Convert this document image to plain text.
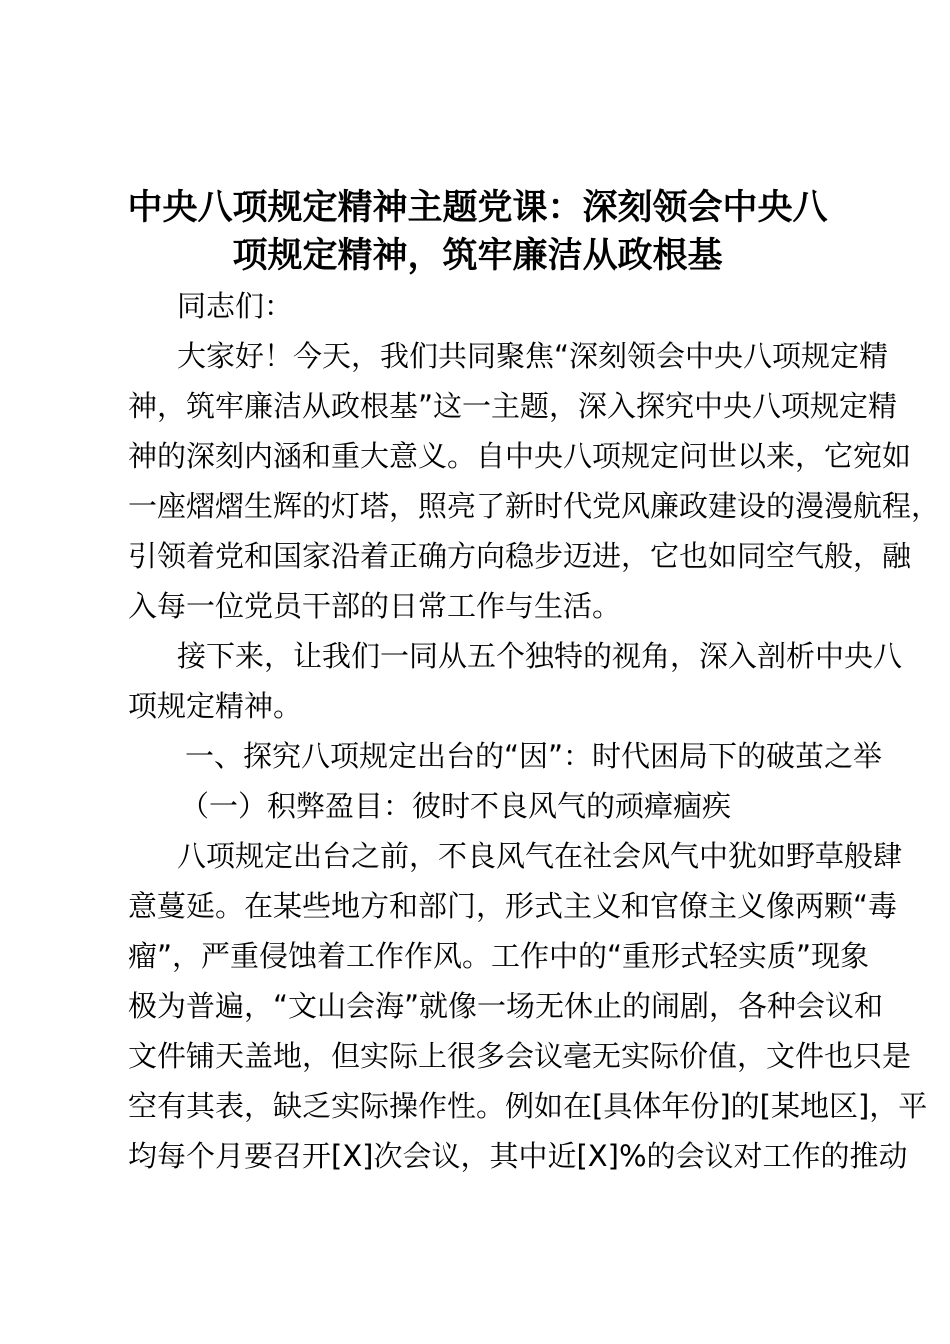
中央八项规定精神主题党课：深刻领会中央八
项规定精神，筑牢廉洁从政根基
同志们：
大家好！今天，我们共同聚焦“深刻领会中央八项规定精
神，筑牢廉洁从政根基”这一主题，深入探究中央八项规定精
神的深刻内涵和重大意义。自中央八项规定问世以来，它宛如
一座熠熠生辉的灯塔，照亮了新时代党风廉政建设的漫漫航程，
引领着党和国家沿着正确方向稳步迈进，它也如同空气般，融
入每一位党员干部的日常工作与生活。
接下来，让我们一同从五个独特的视角，深入剖析中央八
项规定精神。
一、探究八项规定出台的“因”：时代困局下的破茧之举
（一）积弊盈目：彼时不良风气的顽瘴痼疾
八项规定出台之前，不良风气在社会风气中犹如野草般肆
意蔓延。在某些地方和部门，形式主义和官僚主义像两颗“毒
瘤”，严重侵蚀着工作作风。工作中的“重形式轻实质”现象
极为普遍，“文山会海”就像一场无休止的闹剧，各种会议和
文件铺天盖地，但实际上很多会议毫无实际价值，文件也只是
空有其表，缺乏实际操作性。例如在[具体年份]的[某地区]，平
均每个月要召开[X]次会议，其中近[X]%的会议对工作的推动
